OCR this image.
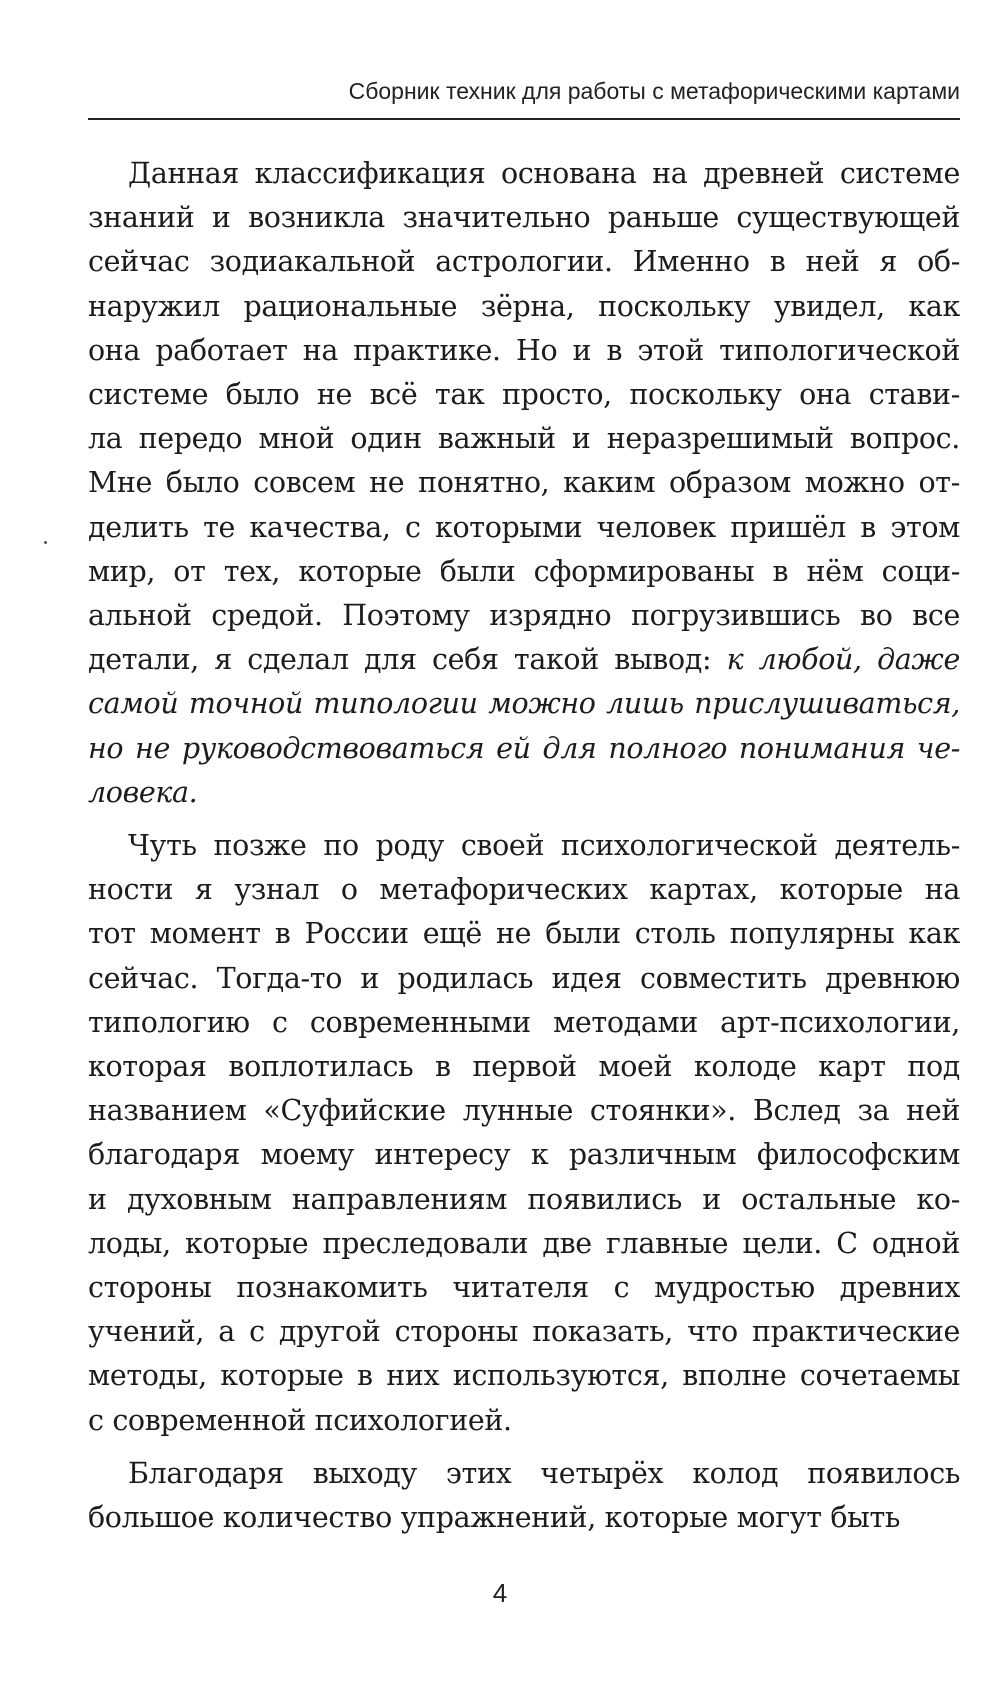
Сборник техник для работы с метафорическими картами
Данная классификация основана на древней системе
знаний и возникла значительно раньше существующей
сейчас зодиакальной астрологии. Именно в ней я об-
наружил рациональные зёрна, поскольку увидел, как
она работает на практике. Но и в этой типологической
системе было не всё так просто, поскольку она стави-
ла передо мной один важный и неразрешимый вопрос.
Мне было совсем не понятно, каким образом можно от-
делить те качества, с которыми человек пришёл в этом
мир, от тех, которые были сформированы в нём соци-
альной средой. Поэтому изрядно погрузившись во все
детали, я сделал для себя такой вывод: к любой, даже
самой точной типологии можно лишь прислушиваться,
но не руководствоваться ей для полного понимания че-
ловека.
Чуть позже по роду своей психологической деятель-
ности я узнал о метафорических картах, которые на
тот момент в России ещё не были столь популярны как
сейчас. Тогда-то и родилась идея совместить древнюю
типологию с современными методами арт-психологии,
которая воплотилась в первой моей колоде карт под
названием «Суфийские лунные стоянки». Вслед за ней
благодаря моему интересу к различным философским
и духовным направлениям появились и остальные ко-
лоды, которые преследовали две главные цели. С одной
стороны познакомить читателя с мудростью древних
учений, а с другой стороны показать, что практические
методы, которые в них используются, вполне сочетаемы
с современной психологией.
Благодаря выходу этих четырёх колод появилось
большое количество упражнений, которые могут быть
4
